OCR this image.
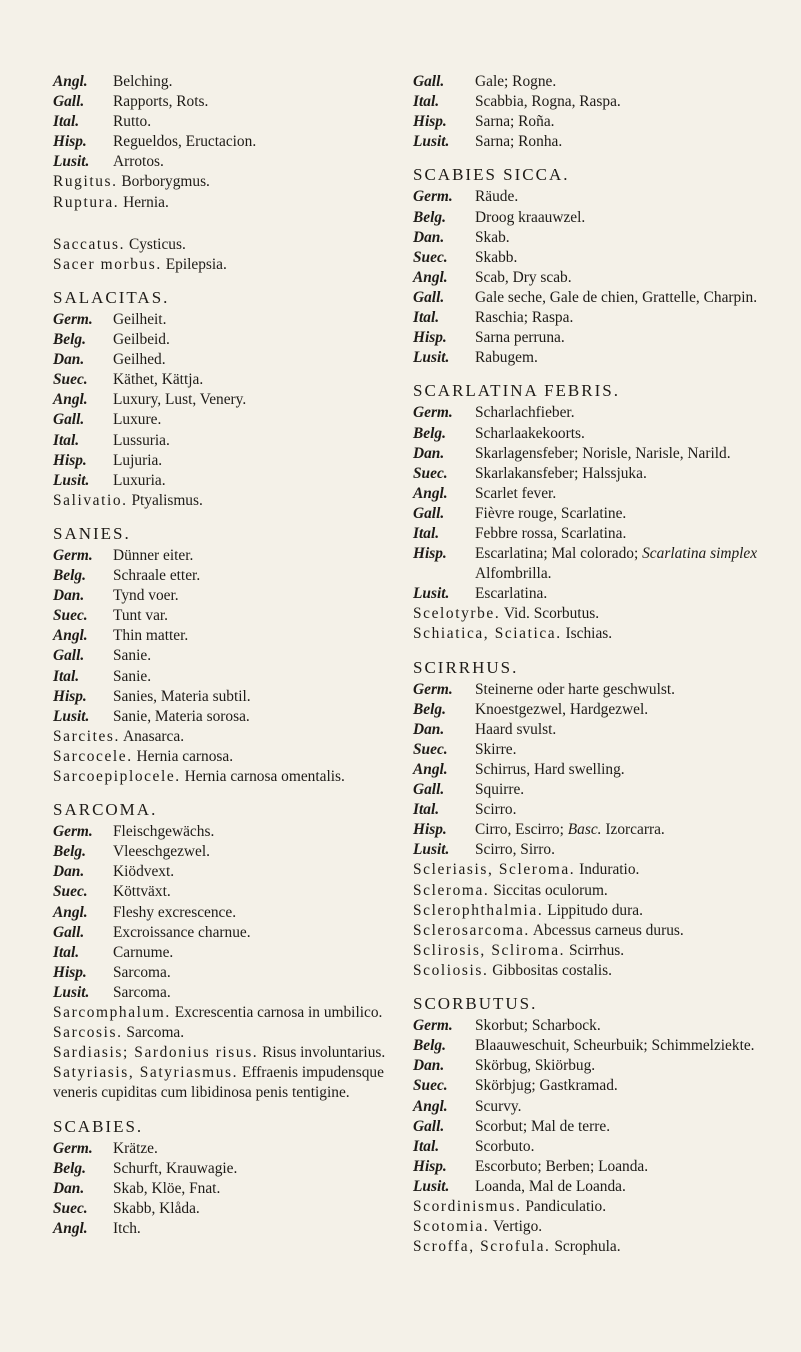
Angl.	Belching.
Gall.	Rapports, Rots.
Ital.	Rutto.
Hisp.	Regueldos, Eructacion.
Lusit.	Arrotos.
Rugitus. Borborygmus.
Ruptura. Hernia.
Saccatus. Cysticus.
Sacer morbus. Epilepsia.
SALACITAS.
Germ.	Geilheit.
Belg.	Geilbeid.
Dan.	Geilhed.
Suec.	Käthet, Kättja.
Angl.	Luxury, Lust, Venery.
Gall.	Luxure.
Ital.	Lussuria.
Hisp.	Lujuria.
Lusit.	Luxuria.
Salivatio. Ptyalismus.
SANIES.
Germ.	Dünner eiter.
Belg.	Schraale etter.
Dan.	Tynd voer.
Suec.	Tunt var.
Angl.	Thin matter.
Gall.	Sanie.
Ital.	Sanie.
Hisp.	Sanies, Materia subtil.
Lusit.	Sanie, Materia sorosa.
Sarcites. Anasarca.
Sarcocele. Hernia carnosa.
Sarcoepiplocele. Hernia carnosa omentalis.
SARCOMA.
Germ.	Fleischgewächs.
Belg.	Vleeschgezwel.
Dan.	Kiödvext.
Suec.	Köttväxt.
Angl.	Fleshy excrescence.
Gall.	Excroissance charnue.
Ital.	Carnume.
Hisp.	Sarcoma.
Lusit.	Sarcoma.
Sarcomphalum. Excrescentia carnosa in umbilico.
Sarcosis. Sarcoma.
Sardiasis; Sardonius risus. Risus involuntarius.
Satyriasis, Satyriasmus. Effraenis impudensque veneris cupiditas cum libidinosa penis tentigine.
SCABIES.
Germ.	Krätze.
Belg.	Schurft, Krauwagie.
Dan.	Skab, Klöe, Fnat.
Suec.	Skabb, Klåda.
Angl.	Itch.
Gall.	Gale; Rogne.
Ital.	Scabbia, Rogna, Raspa.
Hisp.	Sarna; Roña.
Lusit.	Sarna; Ronha.
SCABIES SICCA.
Germ.	Räude.
Belg.	Droog kraauwzel.
Dan.	Skab.
Suec.	Skabb.
Angl.	Scab, Dry scab.
Gall.	Gale seche, Gale de chien, Grattelle, Charpin.
Ital.	Raschia; Raspa.
Hisp.	Sarna perruna.
Lusit.	Rabugem.
SCARLATINA FEBRIS.
Germ.	Scharlachfieber.
Belg.	Scharlaakekoorts.
Dan.	Skarlagensfeber; Norisle, Narisle, Narild.
Suec.	Skarlakansfeber; Halssjuka.
Angl.	Scarlet fever.
Gall.	Fièvre rouge, Scarlatine.
Ital.	Febbre rossa, Scarlatina.
Hisp.	Escarlatina; Mal colorado; Scarlatina simplex Alfombrilla.
Lusit.	Escarlatina.
Scelotyrbe. Vid. Scorbutus.
Schiatica, Sciatica. Ischias.
SCIRRHUS.
Germ.	Steinerne oder harte geschwulst.
Belg.	Knoestgezwel, Hardgezwel.
Dan.	Haard svulst.
Suec.	Skirre.
Angl.	Schirrus, Hard swelling.
Gall.	Squirre.
Ital.	Scirro.
Hisp.	Cirro, Escirro; Basc. Izorcarra.
Lusit.	Scirro, Sirro.
Scleriasis, Scleroma. Induratio.
Scleroma. Siccitas oculorum.
Sclerophthalmia. Lippitudo dura.
Sclerosarcoma. Abcessus carneus durus.
Sclirosis, Scliroma. Scirrhus.
Scoliosis. Gibbositas costalis.
SCORBUTUS.
Germ.	Skorbut; Scharbock.
Belg.	Blaauweschuit, Scheurbuik; Schimmelziekte.
Dan.	Skörbug, Skiörbug.
Suec.	Skörbjug; Gastkramad.
Angl.	Scurvy.
Gall.	Scorbut; Mal de terre.
Ital.	Scorbuto.
Hisp.	Escorbuto; Berben; Loanda.
Lusit.	Loanda, Mal de Loanda.
Scordinismus. Pandiculatio.
Scotomia. Vertigo.
Scroffa, Scrofula. Scrophula.
